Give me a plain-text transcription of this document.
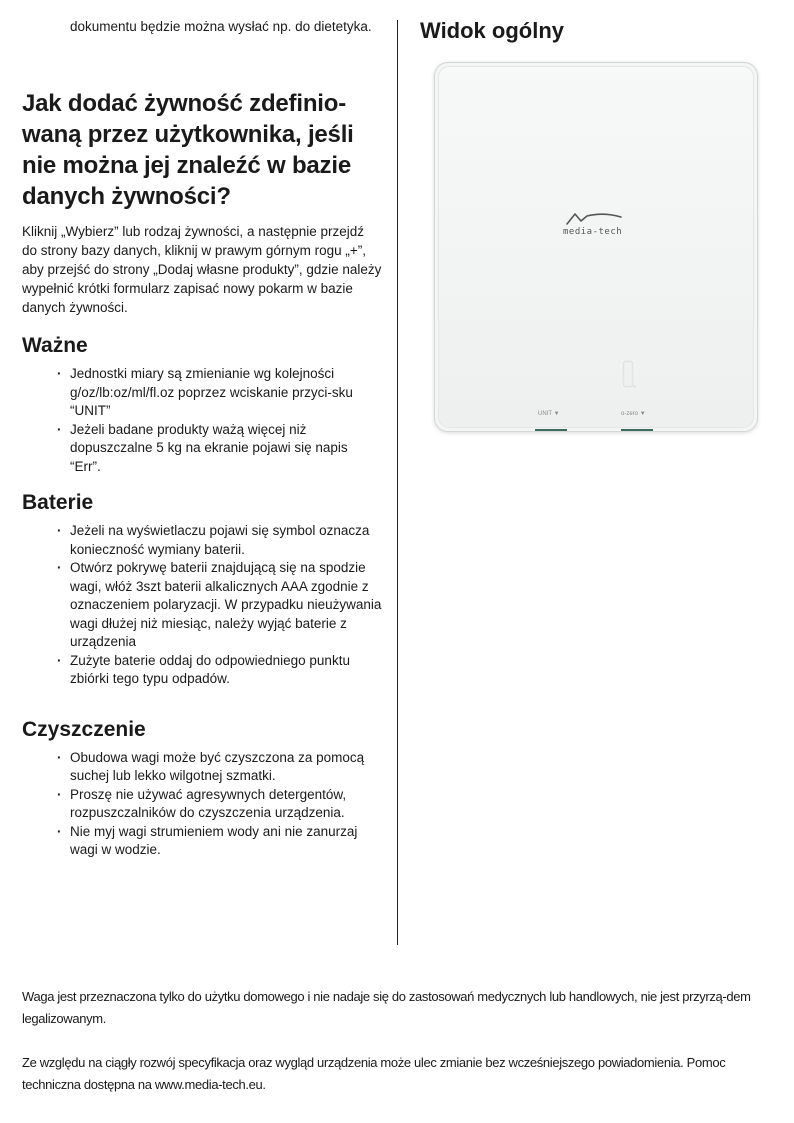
dokumentu będzie można wysłać np. do dietetyka.
Jak dodać żywność zdefinio-waną przez użytkownika, jeśli nie można jej znaleźć w bazie danych żywności?

Kliknij „Wybierz” lub rodzaj żywności, a następnie przejdź do strony bazy danych, kliknij w prawym górnym rogu „+”, aby przejść do strony „Dodaj własne produkty”, gdzie należy wypełnić krótki formularz zapisać nowy pokarm w bazie danych żywności.

Ważne
· Jednostki miary są zmienianie wg kolejności g/oz/lb:oz/ml/fl.oz poprzez wciskanie przyci-sku “UNIT”
· Jeżeli badane produkty ważą więcej niż dopuszczalne 5 kg na ekranie pojawi się napis “Err”.
Baterie
· Jeżeli na wyświetlaczu pojawi się symbol oznacza konieczność wymiany baterii.
· Otwórz pokrywę baterii znajdującą się na spodzie wagi, włóż 3szt baterii alkalicznych AAA zgodnie z oznaczeniem polaryzacji. W przypadku nieużywania wagi dłużej niż miesiąc, należy wyjąć baterie z urządzenia
· Zużyte baterie oddaj do odpowiedniego punktu zbiórki tego typu odpadów.
Czyszczenie
· Obudowa wagi może być czyszczona za pomocą suchej lub lekko wilgotnej szmatki.
· Proszę nie używać agresywnych detergentów, rozpuszczalników do czyszczenia urządzenia.
· Nie myj wagi strumieniem wody ani nie zanurzaj wagi w wodzie.
Widok ogólny
media-tech
UNIT ▼	o-zero ▼
Waga jest przeznaczona tylko do użytku domowego i nie nadaje się do zastosowań medycznych lub handlowych, nie jest przyrzą-dem legalizowanym.
Ze względu na ciągły rozwój specyfikacja oraz wygląd urządzenia może ulec zmianie bez wcześniejszego powiadomienia. Pomoc techniczna dostępna na www.media-tech.eu.
